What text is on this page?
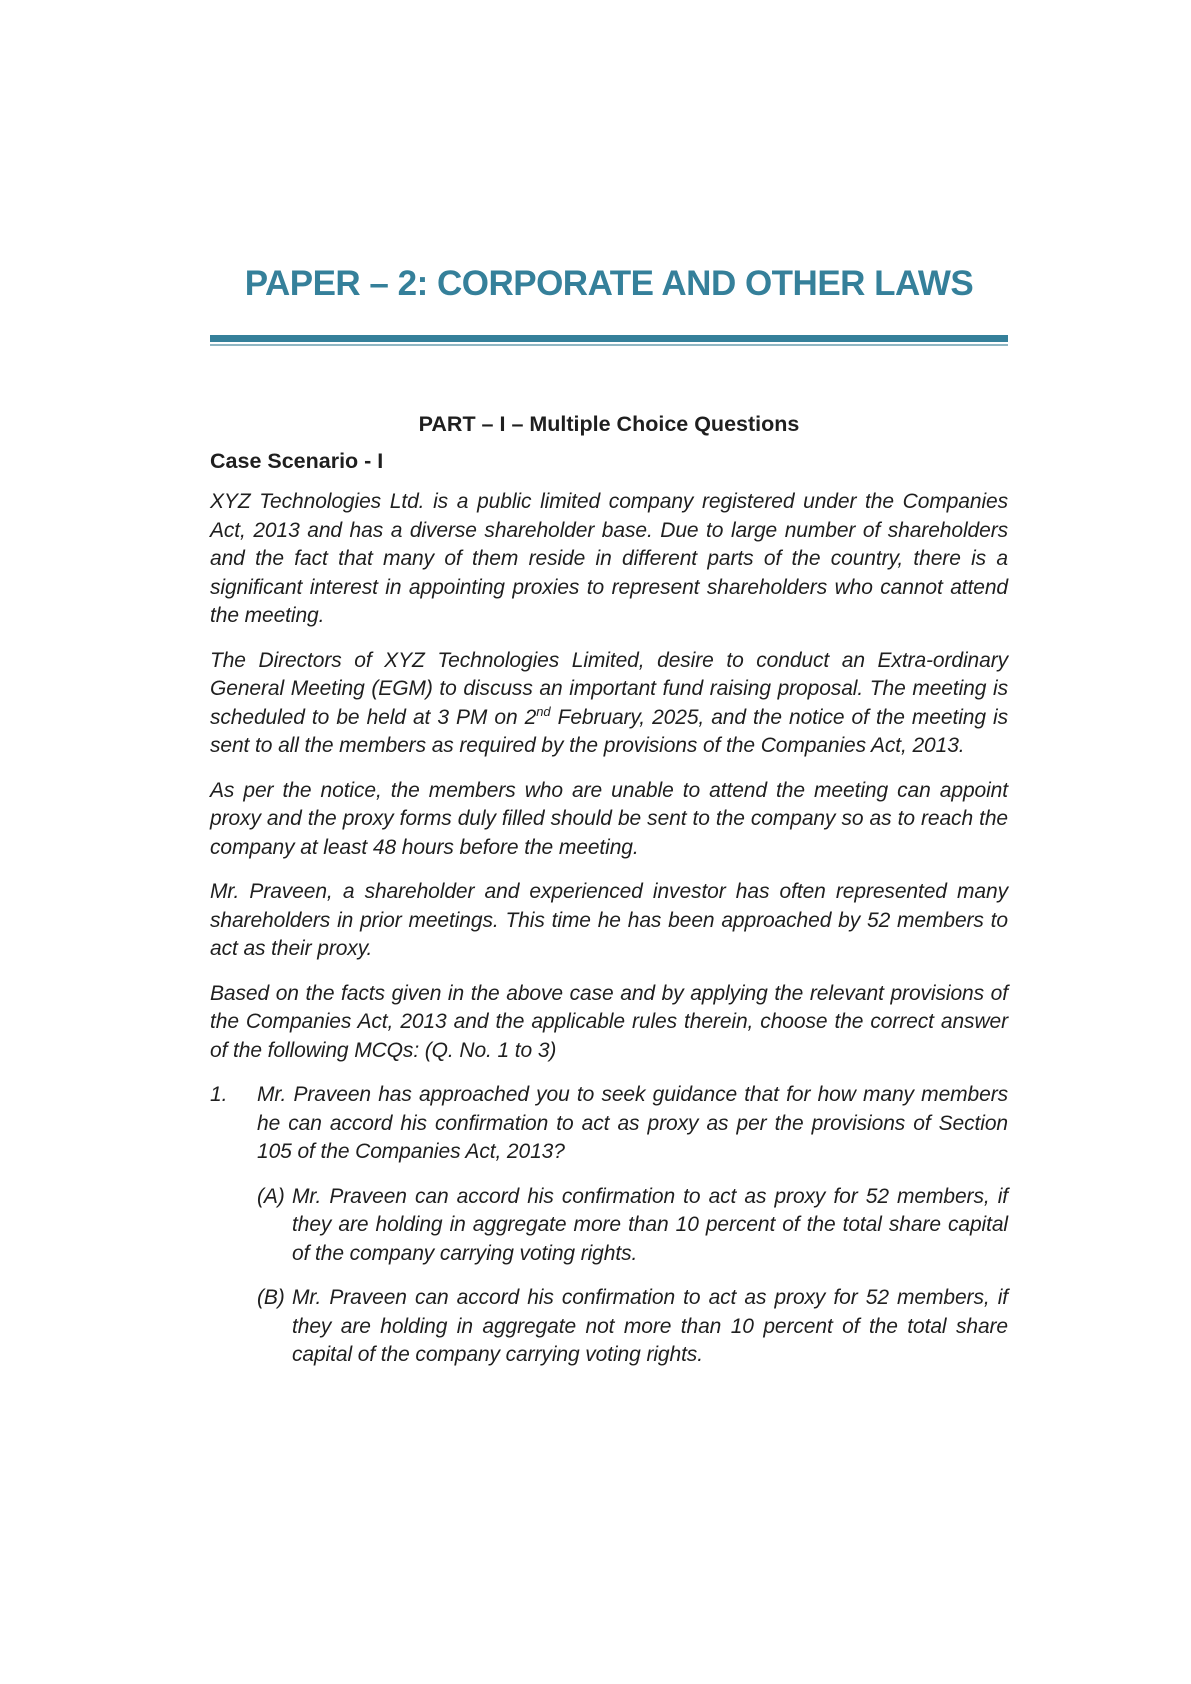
PAPER – 2: CORPORATE AND OTHER LAWS
PART – I – Multiple Choice Questions
Case Scenario - I

XYZ Technologies Ltd. is a public limited company registered under the Companies Act, 2013 and has a diverse shareholder base. Due to large number of shareholders and the fact that many of them reside in different parts of the country, there is a significant interest in appointing proxies to represent shareholders who cannot attend the meeting.

The Directors of XYZ Technologies Limited, desire to conduct an Extra-ordinary General Meeting (EGM) to discuss an important fund raising proposal. The meeting is scheduled to be held at 3 PM on 2nd February, 2025, and the notice of the meeting is sent to all the members as required by the provisions of the Companies Act, 2013.

As per the notice, the members who are unable to attend the meeting can appoint proxy and the proxy forms duly filled should be sent to the company so as to reach the company at least 48 hours before the meeting.

Mr. Praveen, a shareholder and experienced investor has often represented many shareholders in prior meetings. This time he has been approached by 52 members to act as their proxy.

Based on the facts given in the above case and by applying the relevant provisions of the Companies Act, 2013 and the applicable rules therein, choose the correct answer of the following MCQs: (Q. No. 1 to 3)

1.	Mr. Praveen has approached you to seek guidance that for how many members he can accord his confirmation to act as proxy as per the provisions of Section 105 of the Companies Act, 2013?
(A) Mr. Praveen can accord his confirmation to act as proxy for 52 members, if they are holding in aggregate more than 10 percent of the total share capital of the company carrying voting rights.
(B) Mr. Praveen can accord his confirmation to act as proxy for 52 members, if they are holding in aggregate not more than 10 percent of the total share capital of the company carrying voting rights.
